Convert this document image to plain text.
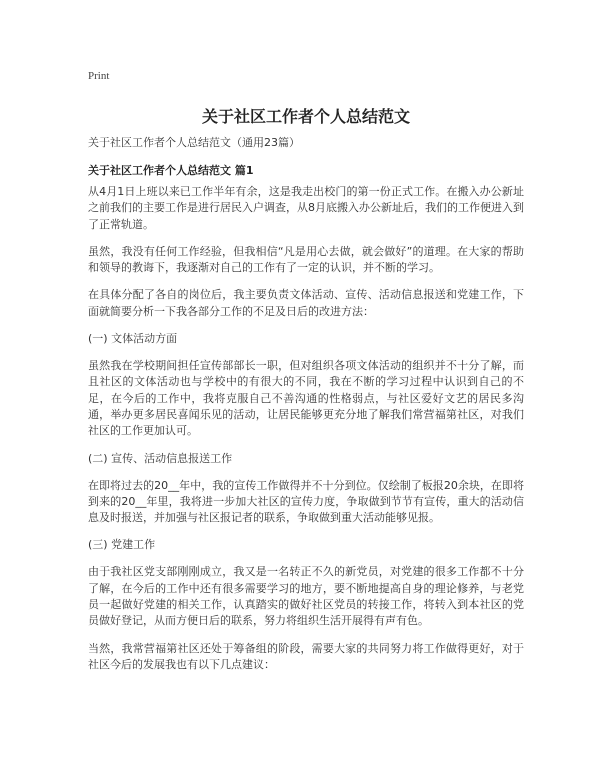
Print
关于社区工作者个人总结范文
关于社区工作者个人总结范文（通用23篇）
关于社区工作者个人总结范文 篇1

从4月1日上班以来已工作半年有余，这是我走出校门的第一份正式工作。在搬入办公新址之前我们的主要工作是进行居民入户调查，从8月底搬入办公新址后，我们的工作便进入到了正常轨道。

虽然，我没有任何工作经验，但我相信“凡是用心去做，就会做好”的道理。在大家的帮助和领导的教诲下，我逐渐对自己的工作有了一定的认识，并不断的学习。

在具体分配了各自的岗位后，我主要负责文体活动、宣传、活动信息报送和党建工作，下面就简要分析一下我各部分工作的不足及日后的改进方法：

(一) 文体活动方面

虽然我在学校期间担任宣传部部长一职，但对组织各项文体活动的组织并不十分了解，而且社区的文体活动也与学校中的有很大的不同，我在不断的学习过程中认识到自己的不足，在今后的工作中，我将克服自己不善沟通的性格弱点，与社区爱好文艺的居民多沟通，举办更多居民喜闻乐见的活动，让居民能够更充分地了解我们常营福第社区，对我们社区的工作更加认可。

(二) 宣传、活动信息报送工作

在即将过去的20__年中，我的宣传工作做得并不十分到位。仅绘制了板报20余块，在即将到来的20__年里，我将进一步加大社区的宣传力度，争取做到节节有宣传，重大的活动信息及时报送，并加强与社区报记者的联系，争取做到重大活动能够见报。

(三) 党建工作

由于我社区党支部刚刚成立，我又是一名转正不久的新党员，对党建的很多工作都不十分了解，在今后的工作中还有很多需要学习的地方，要不断地提高自身的理论修养，与老党员一起做好党建的相关工作，认真踏实的做好社区党员的转接工作，将转入到本社区的党员做好登记，从而方便日后的联系，努力将组织生活开展得有声有色。

当然，我常营福第社区还处于筹备组的阶段，需要大家的共同努力将工作做得更好，对于社区今后的发展我也有以下几点建议：
